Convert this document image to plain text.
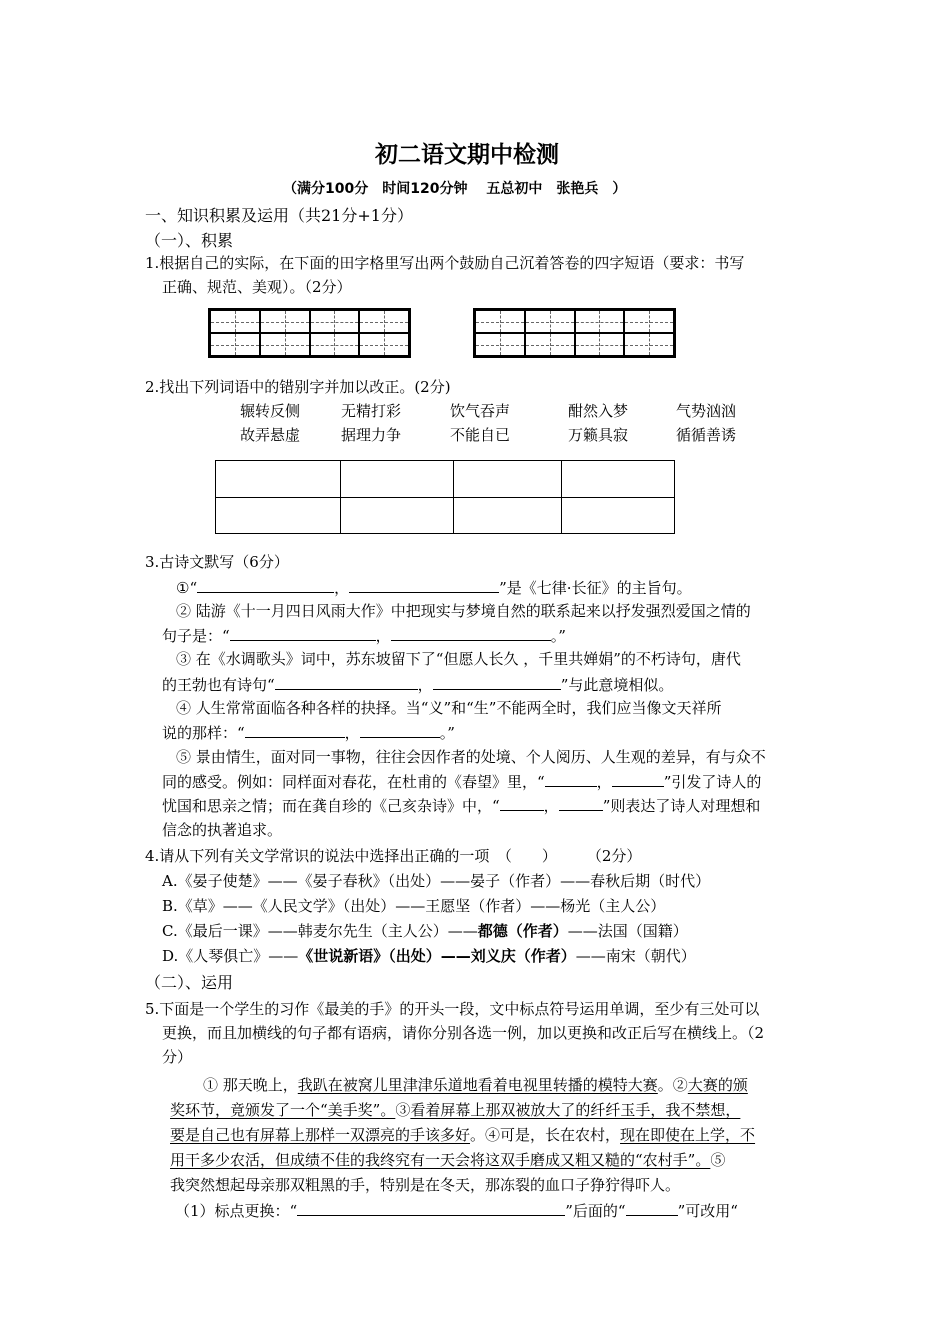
初二语文期中检测
（满分100分　时间120分钟　 五总初中　张艳兵　）
一、知识积累及运用（共21分+1分）
（一）、积累
1.根据自己的实际，在下面的田字格里写出两个鼓励自己沉着答卷的四字短语（要求：书写
正确、规范、美观）。（2分）
2.找出下列词语中的错别字并加以改正。(2分)
辗转反侧	无精打彩	饮气吞声	酣然入梦	气势汹汹
故弄悬虚	据理力争	不能自已	万籁具寂	循循善诱

3.古诗文默写（6分）
①“	，	”是《七律·长征》的主旨句。
② 陆游《十一月四日风雨大作》中把现实与梦境自然的联系起来以抒发强烈爱国之情的
句子是：“	，	。”
③ 在《水调歌头》词中，苏东坡留下了“但愿人长久 ，千里共婵娟”的不朽诗句，唐代
的王勃也有诗句“	，	”与此意境相似。
④ 人生常常面临各种各样的抉择。当“义”和“生”不能两全时，我们应当像文天祥所
说的那样：“	，	。”
⑤ 景由情生，面对同一事物，往往会因作者的处境、个人阅历、人生观的差异，有与众不
同的感受。例如：同样面对春花，在杜甫的《春望》里，“	，	”引发了诗人的
忧国和思亲之情；而在龚自珍的《己亥杂诗》中，“	，	”则表达了诗人对理想和
信念的执著追求。
4.请从下列有关文学常识的说法中选择出正确的一项　（　　）　　　（2分）
A.《晏子使楚》——《晏子春秋》（出处）——晏子（作者）——春秋后期（时代）
B.《草》——《人民文学》（出处）——王愿坚（作者）——杨光（主人公）
C.《最后一课》——韩麦尔先生（主人公）——都德（作者）——法国（国籍）
D.《人琴俱亡》——《世说新语》（出处）——刘义庆（作者）——南宋（朝代）
（二）、运用
5.下面是一个学生的习作《最美的手》的开头一段，文中标点符号运用单调，至少有三处可以
更换，而且加横线的句子都有语病，请你分别各选一例，加以更换和改正后写在横线上。（2
分）
① 那天晚上，我趴在被窝儿里津津乐道地看着电视里转播的模特大赛。②大赛的颁
奖环节，竟颁发了一个“美手奖”。③看着屏幕上那双被放大了的纤纤玉手，我不禁想，
要是自己也有屏幕上那样一双漂亮的手该多好。④可是，长在农村，现在即使在上学，不
用干多少农活，但成绩不佳的我终究有一天会将这双手磨成又粗又糙的“农村手”。⑤
我突然想起母亲那双粗黑的手，特别是在冬天，那冻裂的血口子狰狞得吓人。
（1）标点更换：“	”后面的“	”可改用“
